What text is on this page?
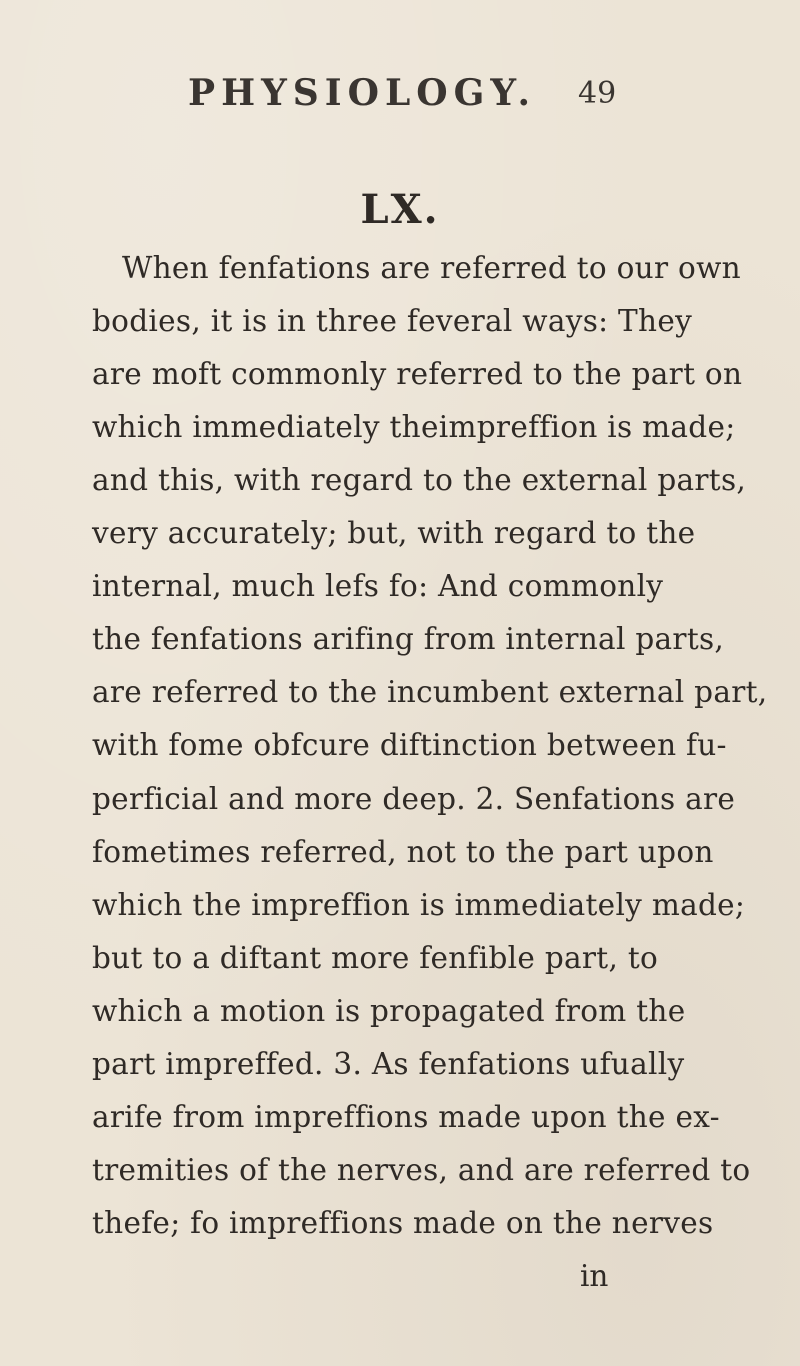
PHYSIOLOGY. 49
LX.
When fenfations are referred to our own
bodies, it is in three feveral ways: They
are moft commonly referred to the part on
which immediately theimpreffion is made;
and this, with regard to the external parts,
very accurately; but, with regard to the
internal, much lefs fo: And commonly
the fenfations arifing from internal parts,
are referred to the incumbent external part,
with fome obfcure diftinction between fu-
perficial and more deep. 2. Senfations are
fometimes referred, not to the part upon
which the impreffion is immediately made;
but to a diftant more fenfible part, to
which a motion is propagated from the
part impreffed. 3. As fenfations ufually
arife from impreffions made upon the ex-
tremities of the nerves, and are referred to
thefe; fo impreffions made on the nerves
in
